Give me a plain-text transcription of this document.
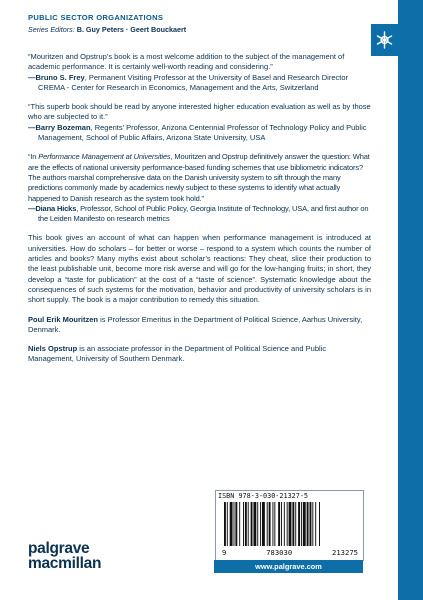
PUBLIC SECTOR ORGANIZATIONS
Series Editors: B. Guy Peters · Geert Bouckaert

“Mouritzen and Opstrup’s book is a most welcome addition to the subject of the management of academic performance. It is certainly well-worth reading and considering.”

—Bruno S. Frey, Permanent Visiting Professor at the University of Basel and Research Director CREMA - Center for Research in Economics, Management and the Arts, Switzerland

“This superb book should be read by anyone interested higher education evaluation as well as by those who are subjected to it.”

—Barry Bozeman, Regents’ Professor, Arizona Centennial Professor of Technology Policy and Public Management, School of Public Affairs, Arizona State University, USA

“In Performance Management at Universities, Mouritzen and Opstrup definitively answer the question: What are the effects of national university performance-based funding schemes that use bibliometric indicators? The authors marshal comprehensive data on the Danish university system to sift through the many predictions commonly made by academics newly subject to these systems to identify what actually happened to Danish research as the system took hold.”

—Diana Hicks, Professor, School of Public Policy, Georgia Institute of Technology, USA, and first author on the Leiden Manifesto on research metrics

This book gives an account of what can happen when performance management is introduced at universities. How do scholars – for better or worse – respond to a system which counts the number of articles and books? Many myths exist about scholar’s reactions: They cheat, slice their production to the least publishable unit, become more risk averse and will go for the low-hanging fruits; in short, they develop a “taste for publication” at the cost of a “taste of science”. Systematic knowledge about the consequences of such systems for the motivation, behavior and productivity of university scholars is in short supply. The book is a major contribution to remedy this situation.

Poul Erik Mouritzen is Professor Emeritus in the Department of Political Science, Aarhus University, Denmark.

Niels Opstrup is an associate professor in the Department of Political Science and Public Management, University of Southern Denmark.

ISBN 978-3-030-21327-5
9	783030	213275
www.palgrave.com
palgrave
macmillan
